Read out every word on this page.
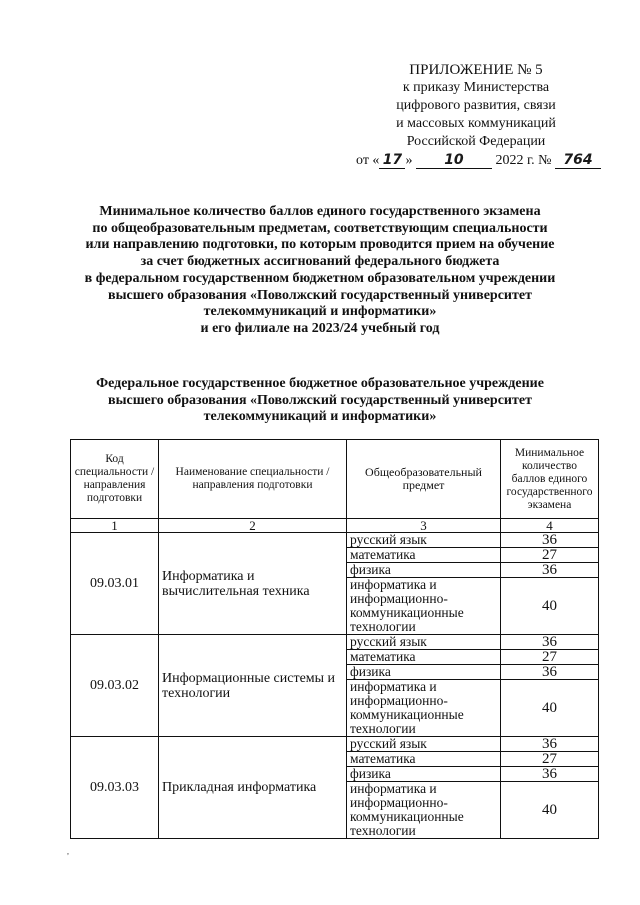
ПРИЛОЖЕНИЕ № 5
к приказу Министерства
цифрового развития, связи
и массовых коммуникаций
Российской Федерации
от « 17 » 10 2022 г. № 764
Минимальное количество баллов единого государственного экзамена
по общеобразовательным предметам, соответствующим специальности
или направлению подготовки, по которым проводится прием на обучение
за счет бюджетных ассигнований федерального бюджета
в федеральном государственном бюджетном образовательном учреждении
высшего образования «Поволжский государственный университет
телекоммуникаций и информатики»
и его филиале на 2023/24 учебный год
Федеральное государственное бюджетное образовательное учреждение
высшего образования «Поволжский государственный университет
телекоммуникаций и информатики»
Код специальности / направления подготовки	Наименование специальности / направления подготовки	Общеобразовательный предмет	Минимальное количество баллов единого государственного экзамена
1	2	3	4
09.03.01	Информатика и вычислительная техника	русский язык	36
		математика	27
		физика	36
		информатика и информационно-коммуникационные технологии	40
09.03.02	Информационные системы и технологии	русский язык	36
		математика	27
		физика	36
		информатика и информационно-коммуникационные технологии	40
09.03.03	Прикладная информатика	русский язык	36
		математика	27
		физика	36
		информатика и информационно-коммуникационные технологии	40
,
